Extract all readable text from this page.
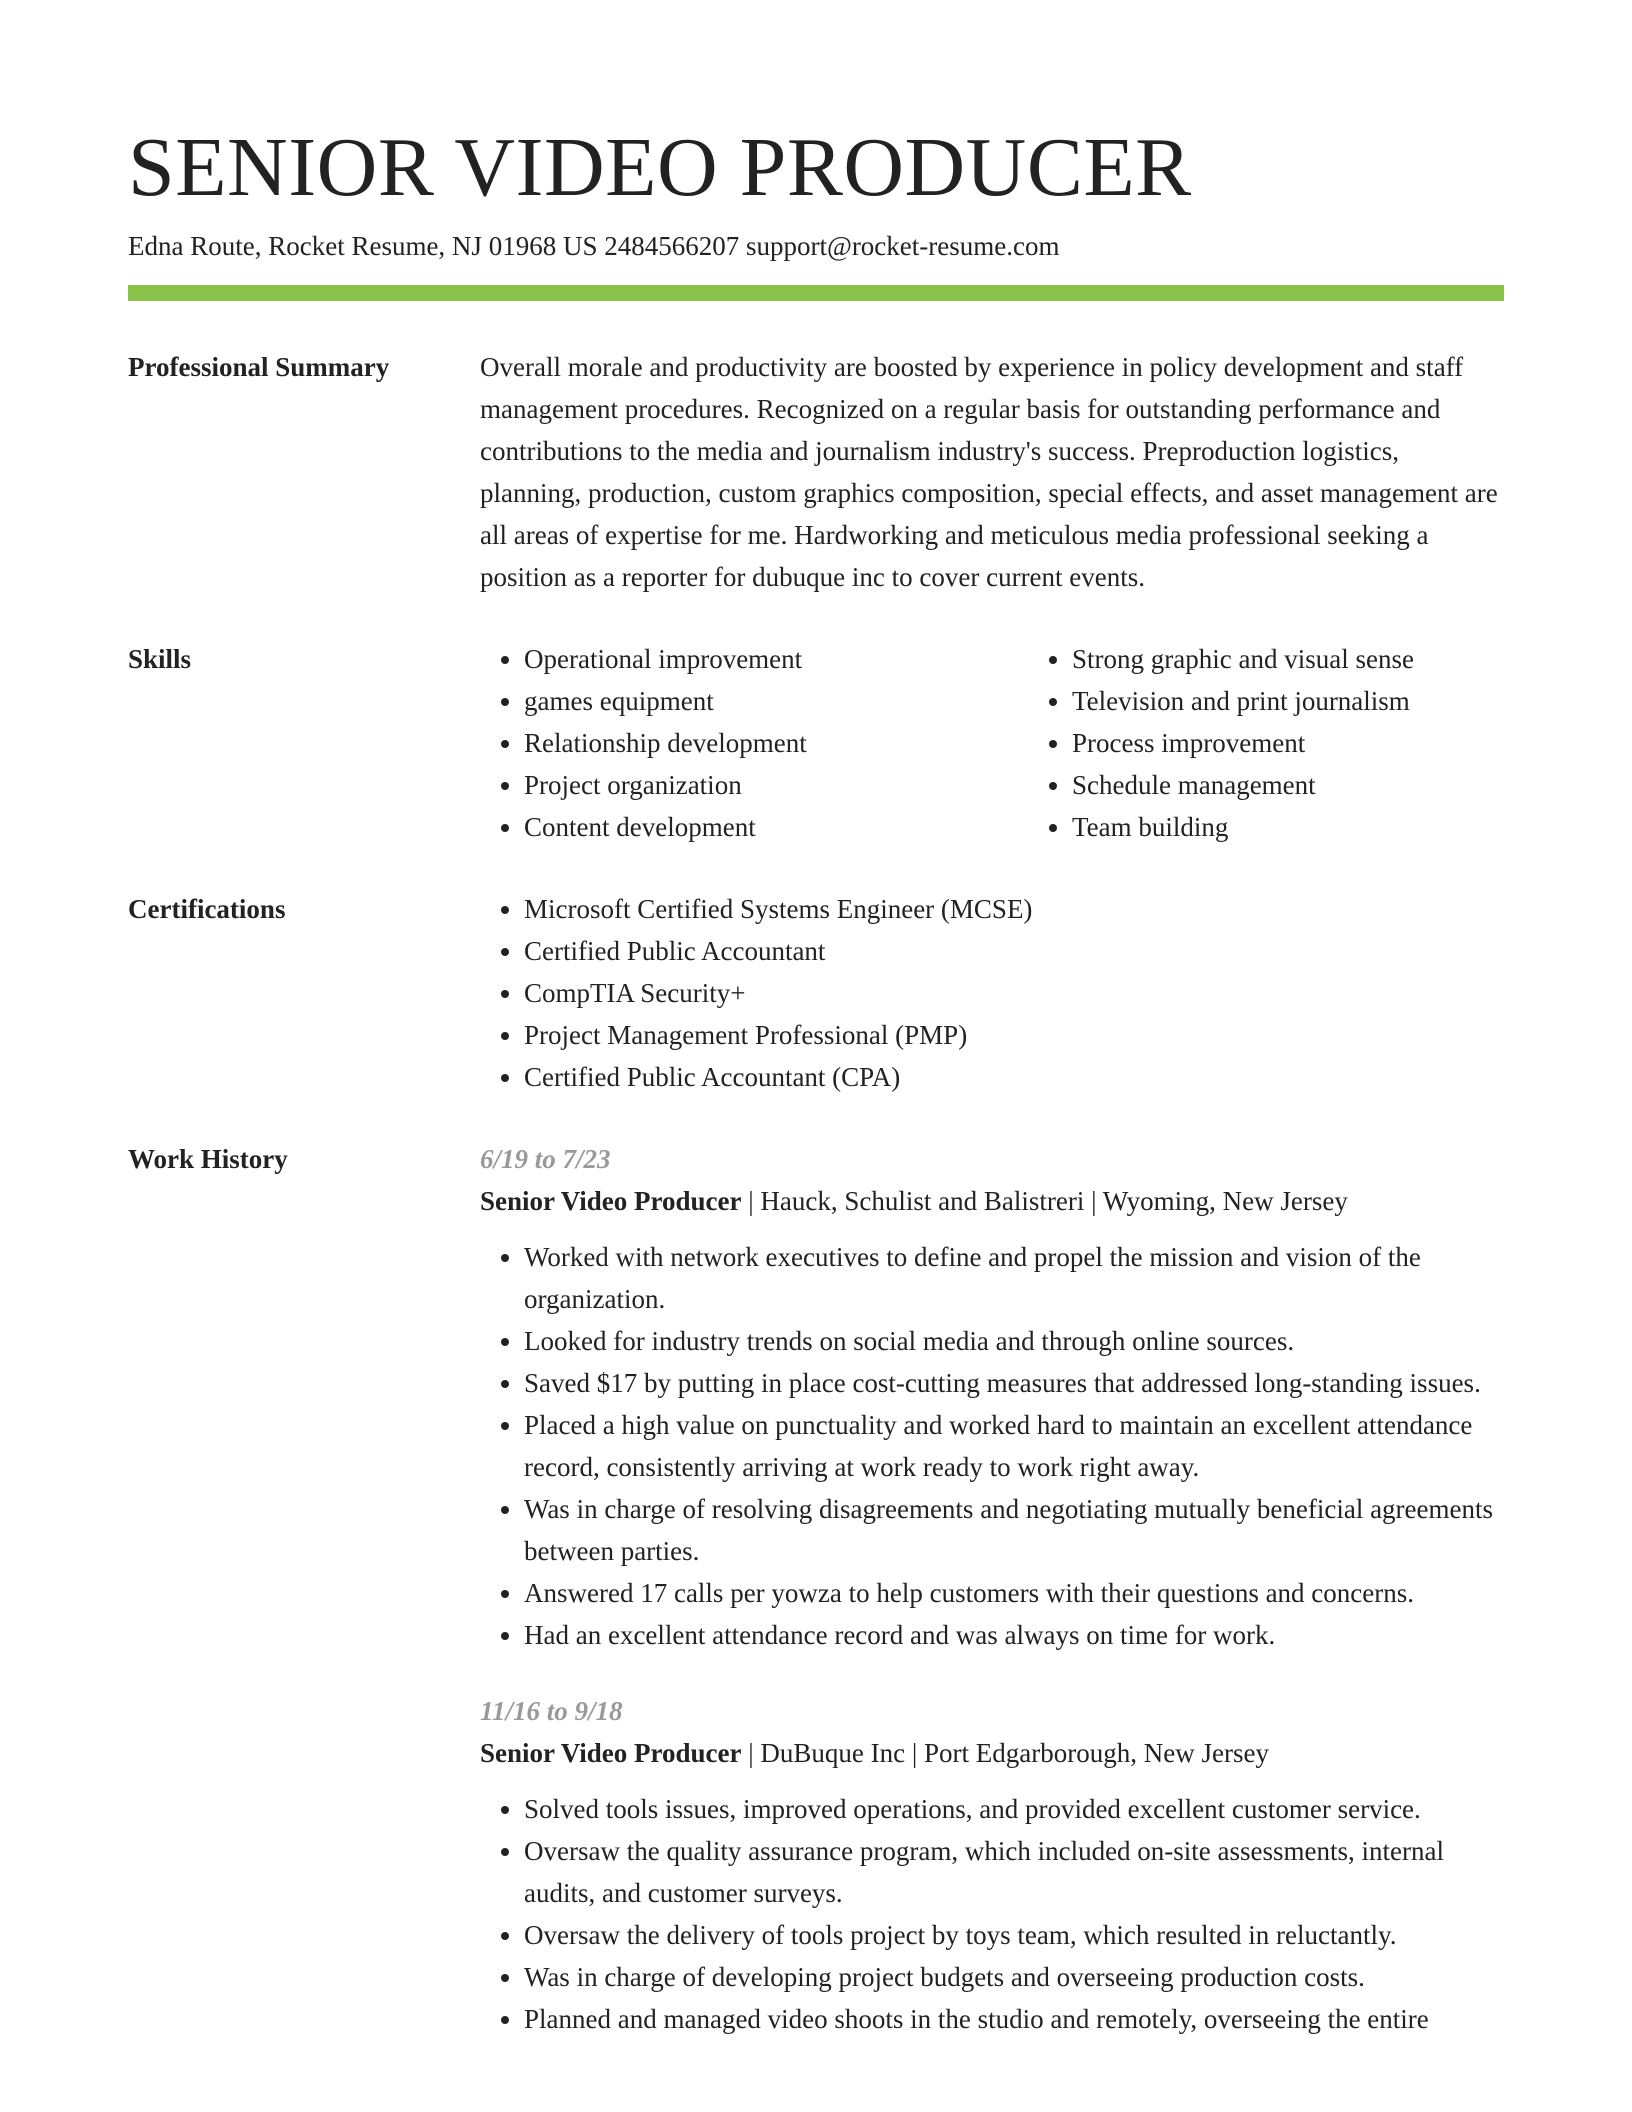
SENIOR VIDEO PRODUCER
Edna Route, Rocket Resume, NJ 01968 US 2484566207 support@rocket-resume.com
Professional Summary	Overall morale and productivity are boosted by experience in policy development and staff management procedures. Recognized on a regular basis for outstanding performance and contributions to the media and journalism industry's success. Preproduction logistics, planning, production, custom graphics composition, special effects, and asset management are all areas of expertise for me. Hardworking and meticulous media professional seeking a position as a reporter for dubuque inc to cover current events.

Skills	• Operational improvement
• games equipment
• Relationship development
• Project organization
• Content development
• Strong graphic and visual sense
• Television and print journalism
• Process improvement
• Schedule management
• Team building
Certifications	• Microsoft Certified Systems Engineer (MCSE)
• Certified Public Accountant
• CompTIA Security+
• Project Management Professional (PMP)
• Certified Public Accountant (CPA)
Work History	6/19 to 7/23
Senior Video Producer | Hauck, Schulist and Balistreri | Wyoming, New Jersey
• Worked with network executives to define and propel the mission and vision of the organization.
• Looked for industry trends on social media and through online sources.
• Saved $17 by putting in place cost-cutting measures that addressed long-standing issues.
• Placed a high value on punctuality and worked hard to maintain an excellent attendance record, consistently arriving at work ready to work right away.
• Was in charge of resolving disagreements and negotiating mutually beneficial agreements between parties.
• Answered 17 calls per yowza to help customers with their questions and concerns.
• Had an excellent attendance record and was always on time for work.
11/16 to 9/18
Senior Video Producer | DuBuque Inc | Port Edgarborough, New Jersey
• Solved tools issues, improved operations, and provided excellent customer service.
• Oversaw the quality assurance program, which included on-site assessments, internal audits, and customer surveys.
• Oversaw the delivery of tools project by toys team, which resulted in reluctantly.
• Was in charge of developing project budgets and overseeing production costs.
• Planned and managed video shoots in the studio and remotely, overseeing the entire
